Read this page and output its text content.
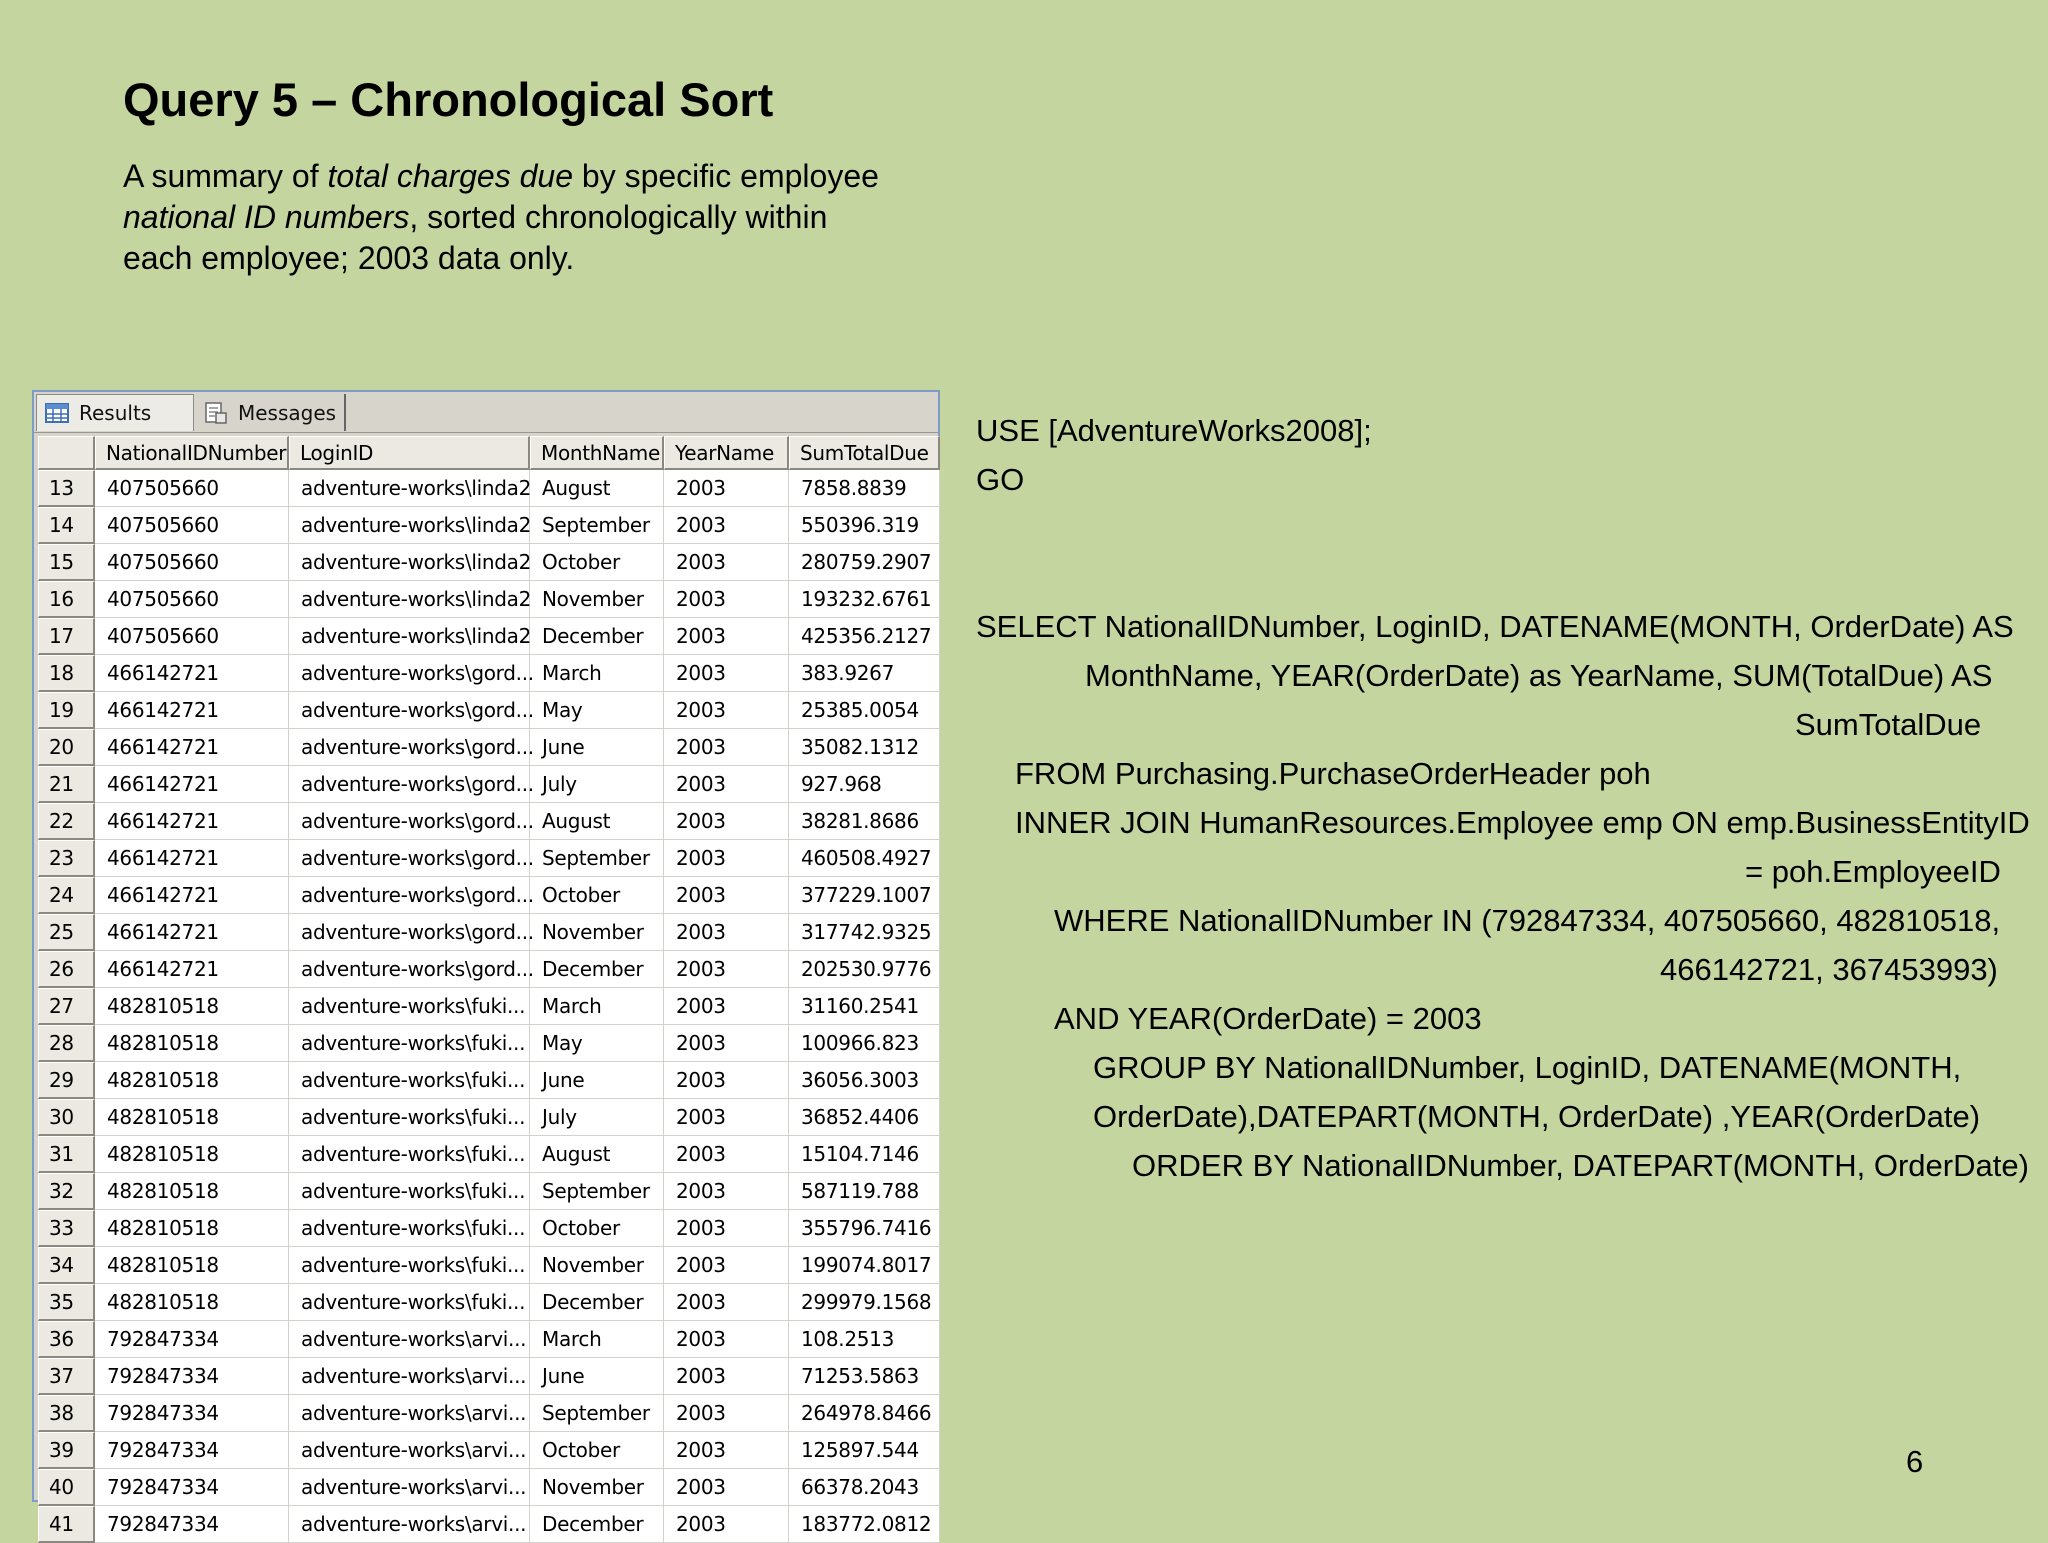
Query 5 – Chronological Sort

A summary of total charges due by specific employee national ID numbers, sorted chronologically within each employee; 2003 data only.

Results	Messages
	NationalIDNumber	LoginID	MonthName	YearName	SumTotalDue
13	407505660	adventure-works\linda2	August	2003	7858.8839
14	407505660	adventure-works\linda2	September	2003	550396.319
15	407505660	adventure-works\linda2	October	2003	280759.2907
16	407505660	adventure-works\linda2	November	2003	193232.6761
17	407505660	adventure-works\linda2	December	2003	425356.2127
18	466142721	adventure-works\gord...	March	2003	383.9267
19	466142721	adventure-works\gord...	May	2003	25385.0054
20	466142721	adventure-works\gord...	June	2003	35082.1312
21	466142721	adventure-works\gord...	July	2003	927.968
22	466142721	adventure-works\gord...	August	2003	38281.8686
23	466142721	adventure-works\gord...	September	2003	460508.4927
24	466142721	adventure-works\gord...	October	2003	377229.1007
25	466142721	adventure-works\gord...	November	2003	317742.9325
26	466142721	adventure-works\gord...	December	2003	202530.9776
27	482810518	adventure-works\fuki...	March	2003	31160.2541
28	482810518	adventure-works\fuki...	May	2003	100966.823
29	482810518	adventure-works\fuki...	June	2003	36056.3003
30	482810518	adventure-works\fuki...	July	2003	36852.4406
31	482810518	adventure-works\fuki...	August	2003	15104.7146
32	482810518	adventure-works\fuki...	September	2003	587119.788
33	482810518	adventure-works\fuki...	October	2003	355796.7416
34	482810518	adventure-works\fuki...	November	2003	199074.8017
35	482810518	adventure-works\fuki...	December	2003	299979.1568
36	792847334	adventure-works\arvi...	March	2003	108.2513
37	792847334	adventure-works\arvi...	June	2003	71253.5863
38	792847334	adventure-works\arvi...	September	2003	264978.8466
39	792847334	adventure-works\arvi...	October	2003	125897.544
40	792847334	adventure-works\arvi...	November	2003	66378.2043
41	792847334	adventure-works\arvi...	December	2003	183772.0812

USE [AdventureWorks2008];

GO

SELECT NationalIDNumber, LoginID, DATENAME(MONTH, OrderDate) AS

MonthName, YEAR(OrderDate) as YearName, SUM(TotalDue) AS

SumTotalDue

FROM Purchasing.PurchaseOrderHeader poh

INNER JOIN HumanResources.Employee emp ON emp.BusinessEntityID

= poh.EmployeeID

WHERE NationalIDNumber IN (792847334, 407505660, 482810518,

466142721, 367453993)

AND YEAR(OrderDate) = 2003

GROUP BY NationalIDNumber, LoginID, DATENAME(MONTH,

OrderDate),DATEPART(MONTH, OrderDate) ,YEAR(OrderDate)

ORDER BY NationalIDNumber, DATEPART(MONTH, OrderDate)

6
